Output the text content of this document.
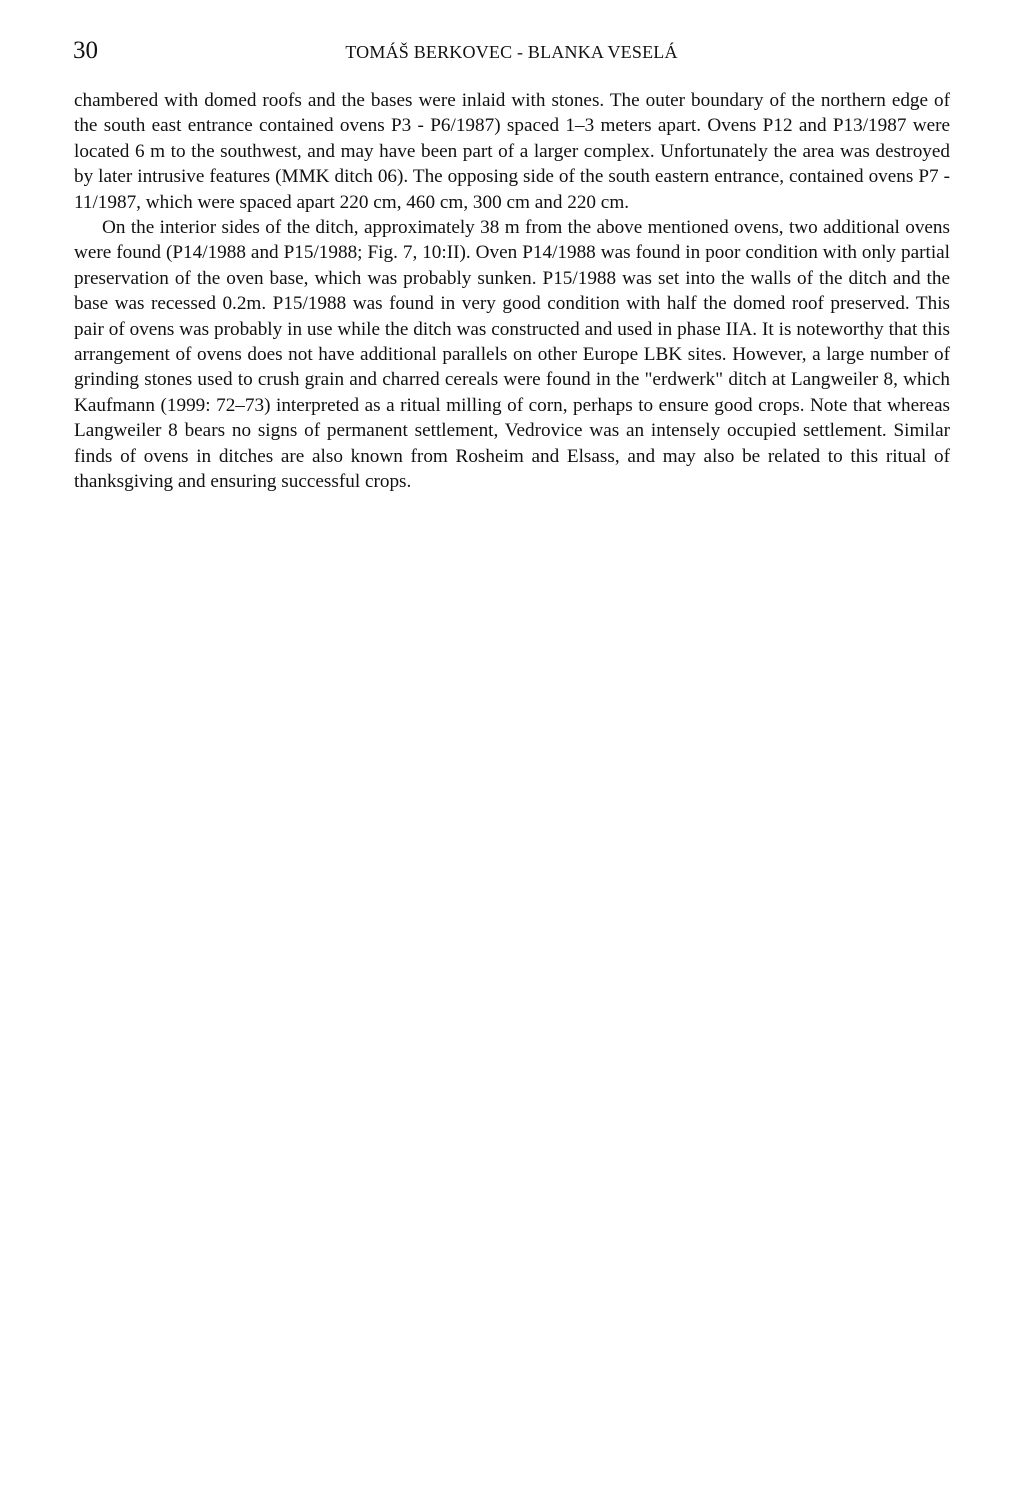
30	TOMÁŠ BERKOVEC - BLANKA VESELÁ

chambered with domed roofs and the bases were inlaid with stones. The outer boundary of the northern edge of the south east entrance contained ovens P3 - P6/1987) spaced 1–3 meters apart. Ovens P12 and P13/1987 were located 6 m to the southwest, and may have been part of a larger complex. Unfortunately the area was destroyed by later intrusive features (MMK ditch 06). The opposing side of the south eastern entrance, contained ovens P7 - 11/1987, which were spaced apart 220 cm, 460 cm, 300 cm and 220 cm.

On the interior sides of the ditch, approximately 38 m from the above mentioned ovens, two additional ovens were found (P14/1988 and P15/1988; Fig. 7, 10:II). Oven P14/1988 was found in poor condition with only partial preservation of the oven base, which was probably sunken. P15/1988 was set into the walls of the ditch and the base was recessed 0.2m. P15/1988 was found in very good condition with half the domed roof preserved. This pair of ovens was probably in use while the ditch was constructed and used in phase IIA. It is noteworthy that this arrangement of ovens does not have additional parallels on other Europe LBK sites. However, a large number of grinding stones used to crush grain and charred cereals were found in the "erdwerk" ditch at Langweiler 8, which Kaufmann (1999: 72–73) interpreted as a ritual milling of corn, perhaps to ensure good crops. Note that whereas Langweiler 8 bears no signs of permanent settlement, Vedrovice was an intensely occupied settlement. Similar finds of ovens in ditches are also known from Rosheim and Elsass, and may also be related to this ritual of thanksgiving and ensuring successful crops.
